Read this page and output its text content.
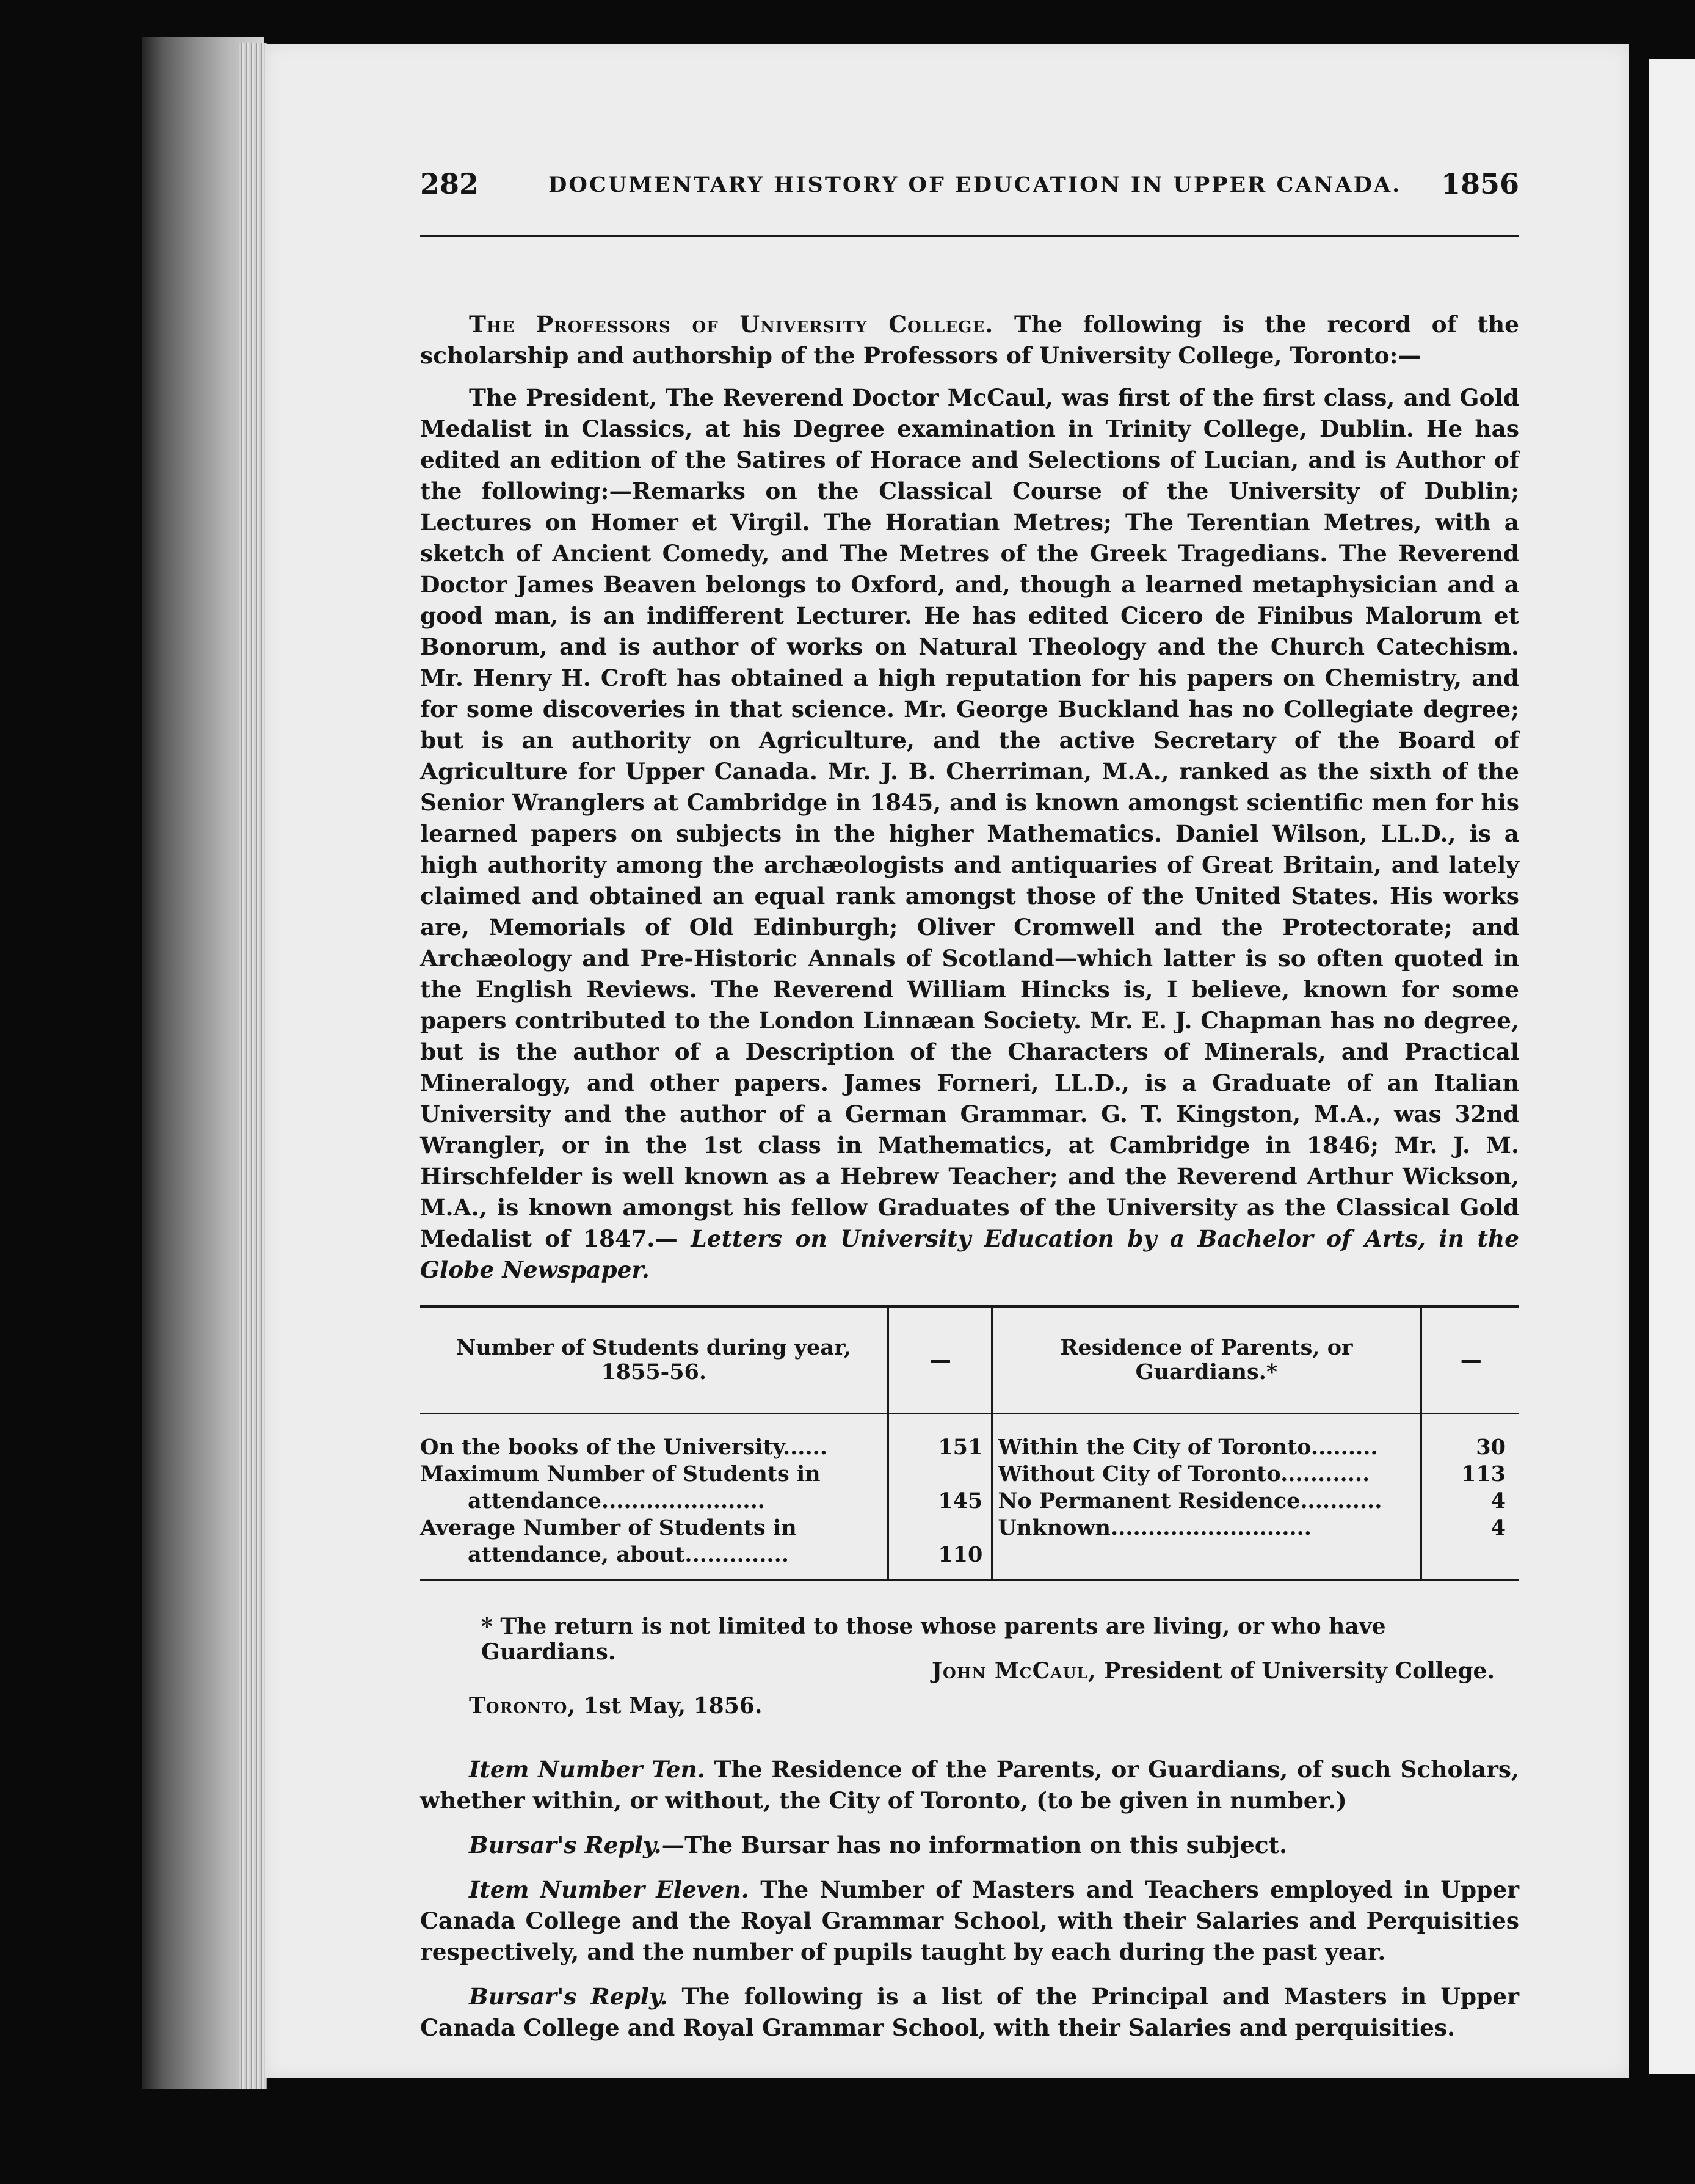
282	DOCUMENTARY HISTORY OF EDUCATION IN UPPER CANADA. 1856

The Professors of University College. The following is the record of the scholarship and authorship of the Professors of University College, Toronto:—

The President, The Reverend Doctor McCaul, was first of the first class, and Gold Medalist in Classics, at his Degree examination in Trinity College, Dublin. He has edited an edition of the Satires of Horace and Selections of Lucian, and is Author of the following:—Remarks on the Classical Course of the University of Dublin; Lectures on Homer et Virgil. The Horatian Metres; The Terentian Metres, with a sketch of Ancient Comedy, and The Metres of the Greek Tragedians. The Reverend Doctor James Beaven belongs to Oxford, and, though a learned metaphysician and a good man, is an indifferent Lecturer. He has edited Cicero de Finibus Malorum et Bonorum, and is author of works on Natural Theology and the Church Catechism. Mr. Henry H. Croft has obtained a high reputation for his papers on Chemistry, and for some discoveries in that science. Mr. George Buckland has no Collegiate degree; but is an authority on Agriculture, and the active Secretary of the Board of Agriculture for Upper Canada. Mr. J. B. Cherriman, M.A., ranked as the sixth of the Senior Wranglers at Cambridge in 1845, and is known amongst scientific men for his learned papers on subjects in the higher Mathematics. Daniel Wilson, LL.D., is a high authority among the archæologists and antiquaries of Great Britain, and lately claimed and obtained an equal rank amongst those of the United States. His works are, Memorials of Old Edinburgh; Oliver Cromwell and the Protectorate; and Archæology and Pre-Historic Annals of Scotland—which latter is so often quoted in the English Reviews. The Reverend William Hincks is, I believe, known for some papers contributed to the London Linnæan Society. Mr. E. J. Chapman has no degree, but is the author of a Description of the Characters of Minerals, and Practical Mineralogy, and other papers. James Forneri, LL.D., is a Graduate of an Italian University and the author of a German Grammar. G. T. Kingston, M.A., was 32nd Wrangler, or in the 1st class in Mathematics, at Cambridge in 1846; Mr. J. M. Hirschfelder is well known as a Hebrew Teacher; and the Reverend Arthur Wickson, M.A., is known amongst his fellow Graduates of the University as the Classical Gold Medalist of 1847.— Letters on University Education by a Bachelor of Arts, in the Globe Newspaper.

Number of Students during year, 1855-56.	—	Residence of Parents, or Guardians.*	—
On the books of the University......	151	Within the City of Toronto.........	30
Maximum Number of Students in		Without City of Toronto............	113
attendance......................	145	No Permanent Residence...........	4
Average Number of Students in		Unknown...........................	4
attendance, about..............	110		
* The return is not limited to those whose parents are living, or who have Guardians.
John McCaul, President of University College.
Toronto, 1st May, 1856.

Item Number Ten. The Residence of the Parents, or Guardians, of such Scholars, whether within, or without, the City of Toronto, (to be given in number.)

Bursar's Reply.—The Bursar has no information on this subject.

Item Number Eleven. The Number of Masters and Teachers employed in Upper Canada College and the Royal Grammar School, with their Salaries and Perquisities respectively, and the number of pupils taught by each during the past year.

Bursar's Reply. The following is a list of the Principal and Masters in Upper Canada College and Royal Grammar School, with their Salaries and perquisities.
